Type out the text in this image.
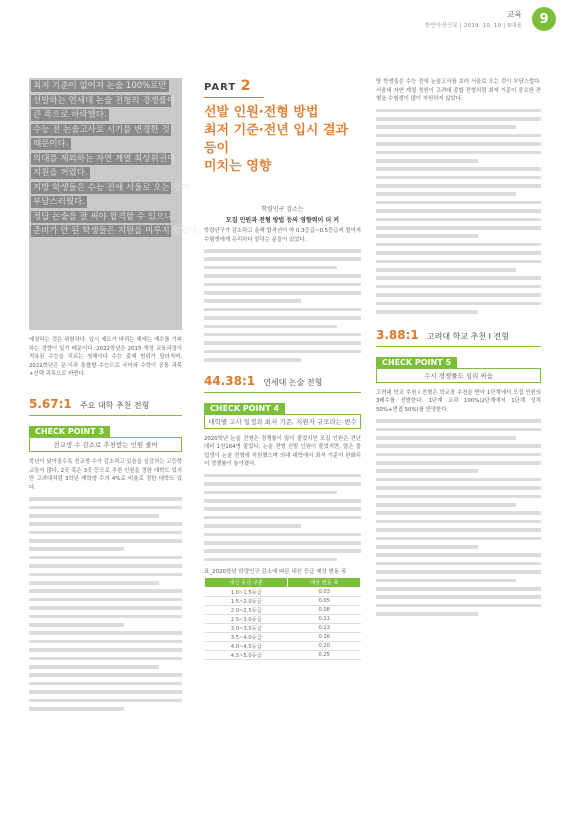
교육
한반아산신문 | 2019. 10. 10 | 9대용	9
최저 기준이 없어져 논술 100%로만
선발하는 연세대 논술 전형의 경쟁률이
큰 폭으로 하락했다.
수능 전 논술고사로 시기를 변경한 것
때문이다.
의대를 제외하는 자연 계열 최상위권이
지원을 꺼렸다.
지방 학생들은 수능 전에 서울로 오는 것이
부담스러웠다.
정답 논술을 잘 써야 합격할 수 있으니
준비가 안 된 학생들은 지원을 미루지 않았다.
예상하는 것은 위험하다. 입시 제도가 바뀌는 해에는 재수를 기피하는 경향이 있기 때문이다. 2022학년은 2015 개정 교육과정이 적용된 수능을 치르는 첫해이다 수능 출제 범위가 달라지며, 2022학년은 문·이과 통합형 수능으로 국어와 수학이 공통 과목+선택 과목으로 바뀐다.
5.67:1 주요 대학 추천 전형
CHECK POINT 3
전교생 수 감소로 추천받는 인원 줄어
학년이 낮아질수록 전교생 수가 감소하고 있음을 실감하는 고등학교들이 많다. 2곳 혹은 3곳 등으로 추천 인원을 정한 대학도 있지만 고려대처럼 3학년 재학생 수의 4%로 비율로 정한 대학도 있다.
PART 2
선발 인원·전형 방법
최저 기준·전년 입시 결과 등이
미치는 영향
학령인구 감소는
모집 인원과 전형 방법 등의 영향력이 더 커
학령인구가 감소하고 올해 합격선이 약 0.3등급~0.5등급씩 떨어져 수험생에게 유리하다 말하는 분들이 있었다.
44.38:1 연세대 논술 전형
CHECK POINT 4
대학별 고사 일정과 최저 기준, 지원자 규모라는 변수
2020학년 논술 전형은 경쟁률이 많이 줄었지만 모집 인원은 전년 대비 1천164명 줄었다. 논술 전형 선발 인원이 줄었지만, 많은 졸업생이 논술 전형에 지원했으며 의대 대학에서 최저 기준이 완화되어 경쟁률이 높아졌다.
표_2020학년 학령인구 감소에 따른 내신 등급 예상 변동 폭
내신 등급 구분	예상 변동 폭
1.0~1.5등급	0.03
1.5~2.0등급	0.05
2.0~2.5등급	0.08
2.5~3.0등급	0.11
3.0~3.5등급	0.13
3.5~4.0등급	0.16
4.0~4.5등급	0.20
4.5~5.0등급	0.25
방 학생들은 수능 전에 논술고사를 보러 서울로 오는 것이 부담스럽다. 서울대 자연 계열 정원이 고려대 종합 전형처럼 최저 기준이 중요한 전형을 수험생이 많이 지원하지 않았다.
3.88:1 고려대 학교 추천 Ⅰ 전형
CHECK POINT 5
수시 경쟁률도 심리 싸움
고려대 학교 추천 Ⅰ 전형은 학교장 추천을 받아 1단계에서 모집 인원의 3배수를 선발한다. 1단계 교과 100%(2단계에서 1단계 성적 50%+면접 50%)를 반영한다.
